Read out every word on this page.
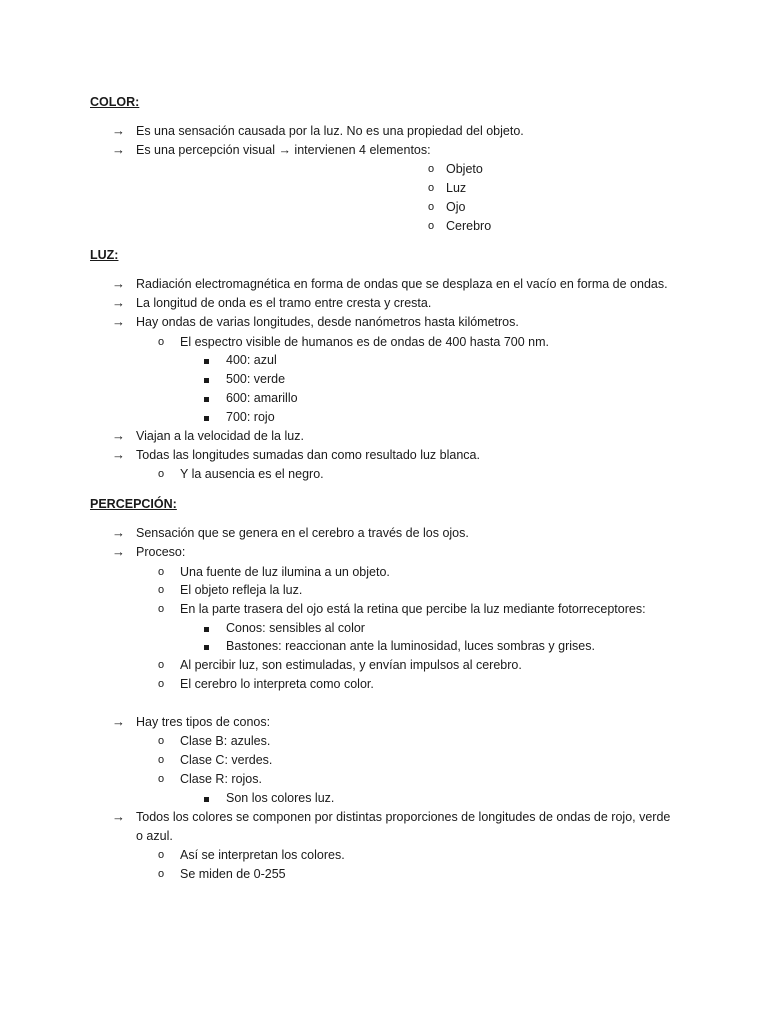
COLOR:
→ Es una sensación causada por la luz. No es una propiedad del objeto.
→ Es una percepción visual → intervienen 4 elementos:
o Objeto
o Luz
o Ojo
o Cerebro
LUZ:
→ Radiación electromagnética en forma de ondas que se desplaza en el vacío en forma de ondas.
→ La longitud de onda es el tramo entre cresta y cresta.
→ Hay ondas de varias longitudes, desde nanómetros hasta kilómetros.
o El espectro visible de humanos es de ondas de 400 hasta 700 nm.
400: azul
500: verde
600: amarillo
700: rojo
→ Viajan a la velocidad de la luz.
→ Todas las longitudes sumadas dan como resultado luz blanca.
o Y la ausencia es el negro.
PERCEPCIÓN:
→ Sensación que se genera en el cerebro a través de los ojos.
→ Proceso:
o Una fuente de luz ilumina a un objeto.
o El objeto refleja la luz.
o En la parte trasera del ojo está la retina que percibe la luz mediante fotorreceptores:
Conos: sensibles al color
Bastones: reaccionan ante la luminosidad, luces sombras y grises.
o Al percibir luz, son estimuladas, y envían impulsos al cerebro.
o El cerebro lo interpreta como color.
→ Hay tres tipos de conos:
o Clase B: azules.
o Clase C: verdes.
o Clase R: rojos.
Son los colores luz.
→ Todos los colores se componen por distintas proporciones de longitudes de ondas de rojo, verde
o azul.
o Así se interpretan los colores.
o Se miden de 0-255
